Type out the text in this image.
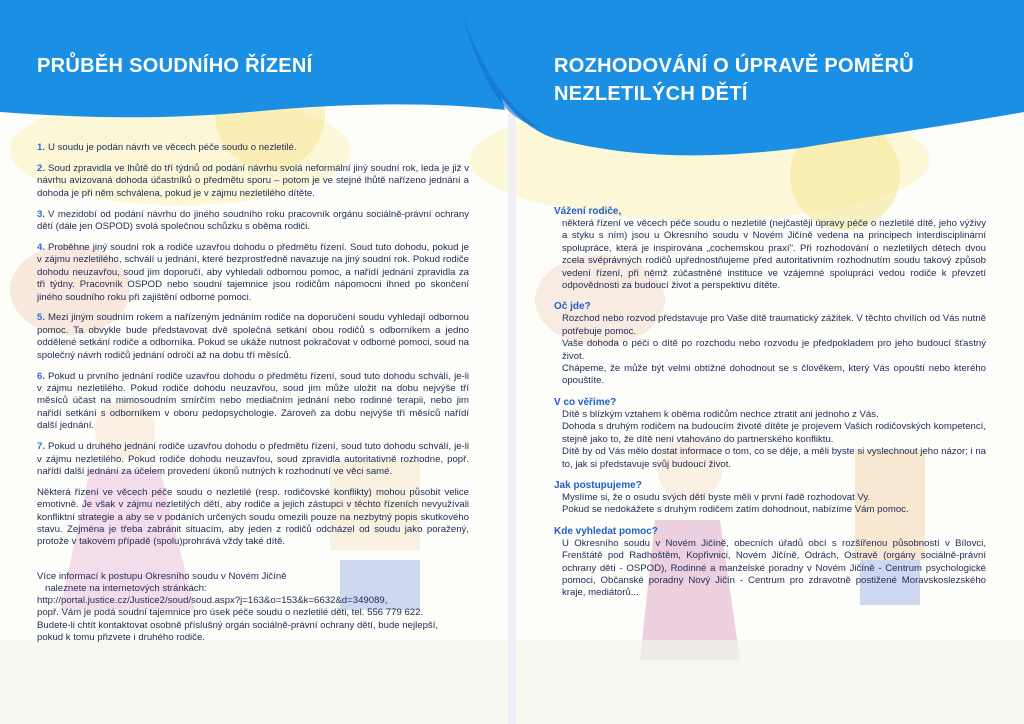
PRŮBĚH SOUDNÍHO ŘÍZENÍ

1. U soudu je podán návrh ve věcech péče soudu o nezletilé.

2. Soud zpravidla ve lhůtě do tří týdnů od podání návrhu svolá neformální jiný soudní rok, leda je již v návrhu avizovaná dohoda účastníků o předmětu sporu – potom je ve stejné lhůtě nařízeno jednání a dohoda je při něm schválena, pokud je v zájmu nezletilého dítěte.

3. V mezidobí od podání návrhu do jiného soudního roku pracovník orgánu sociálně-právní ochrany dětí (dále jen OSPOD) svolá společnou schůzku s oběma rodiči.

4. Proběhne jiný soudní rok a rodiče uzavřou dohodu o předmětu řízení. Soud tuto dohodu, pokud je v zájmu nezletilého, schválí u jednání, které bezprostředně navazuje na jiný soudní rok. Pokud rodiče dohodu neuzavřou, soud jim doporučí, aby vyhledali odbornou pomoc, a nařídí jednání zpravidla za tři týdny. Pracovník OSPOD nebo soudní tajemnice jsou rodičům nápomocni ihned po skončení jiného soudního roku při zajištění odborné pomoci.

5. Mezi jiným soudním rokem a nařízeným jednáním rodiče na doporučení soudu vyhledají odbornou pomoc. Ta obvykle bude představovat dvě společná setkání obou rodičů s odborníkem a jedno oddělené setkání rodiče a odborníka. Pokud se ukáže nutnost pokračovat v odborné pomoci, soud na společný návrh rodičů jednání odročí až na dobu tří měsíců.

6. Pokud u prvního jednání rodiče uzavřou dohodu o předmětu řízení, soud tuto dohodu schválí, je-li v zájmu nezletilého. Pokud rodiče dohodu neuzavřou, soud jim může uložit na dobu nejvýše tří měsíců účast na mimosoudním smírčím nebo mediačním jednání nebo rodinné terapii, nebo jim nařídí setkání s odborníkem v oboru pedopsychologie. Zároveň za dobu nejvýše tří měsíců nařídí další jednání.

7. Pokud u druhého jednání rodiče uzavřou dohodu o předmětu řízení, soud tuto dohodu schválí, je-li v zájmu nezletilého. Pokud rodiče dohodu neuzavřou, soud zpravidla autoritativně rozhodne, popř. nařídí další jednání za účelem provedení úkonů nutných k rozhodnutí ve věci samé.

Některá řízení ve věcech péče soudu o nezletilé (resp. rodičovské konflikty) mohou působit velice emotivně. Je však v zájmu nezletilých dětí, aby rodiče a jejich zástupci v těchto řízeních nevyužívali konfliktní strategie a aby se v podáních určených soudu omezili pouze na nezbytný popis skutkového stavu. Zejména je třeba zabránit situacím, aby jeden z rodičů odcházel od soudu jako poražený, protože v takovém případě (spolu)prohrává vždy také dítě.

Více informací k postupu Okresního soudu v Novém Jičíně
naleznete na internetových stránkách:
http://portal.justice.cz/Justice2/soud/soud.aspx?j=163&o=153&k=6632&d=349089,
popř. Vám je podá soudní tajemnice pro úsek péče soudu o nezletilé děti, tel. 556 779 622.
Budete-li chtít kontaktovat osobně příslušný orgán sociálně-právní ochrany dětí, bude nejlepší,
pokud k tomu přizvete i druhého rodiče.
ROZHODOVÁNÍ O ÚPRAVĚ POMĚRŮ
NEZLETILÝCH DĚTÍ
Vážení rodiče,

některá řízení ve věcech péče soudu o nezletilé (nejčastěji úpravy péče o nezletilé dítě, jeho výživy a styku s ním) jsou u Okresního soudu v Novém Jičíně vedena na principech interdisciplinární spolupráce, která je inspirována „cochemskou praxí". Při rozhodování o nezletilých dětech dvou zcela svéprávných rodičů upřednostňujeme před autoritativním rozhodnutím soudu takový způsob vedení řízení, při němž zúčastněné instituce ve vzájemné spolupráci vedou rodiče k převzetí odpovědnosti za budoucí život a perspektivu dítěte.

Oč jde?

Rozchod nebo rozvod představuje pro Vaše dítě traumatický zážitek. V těchto chvílích od Vás nutně potřebuje pomoc.

Vaše dohoda o péči o dítě po rozchodu nebo rozvodu je předpokladem pro jeho budoucí šťastný život.

Chápeme, že může být velmi obtížné dohodnout se s člověkem, který Vás opouští nebo kterého opouštíte.

V co věříme?

Dítě s blízkým vztahem k oběma rodičům nechce ztratit ani jednoho z Vás.

Dohoda s druhým rodičem na budoucím životě dítěte je projevem Vašich rodičovských kompetencí, stejně jako to, že dítě není vtahováno do partnerského konfliktu.

Dítě by od Vás mělo dostat informace o tom, co se děje, a měli byste si vyslechnout jeho názor; i na to, jak si představuje svůj budoucí život.

Jak postupujeme?

Myslíme si, že o osudu svých dětí byste měli v první řadě rozhodovat Vy.

Pokud se nedokážete s druhým rodičem zatím dohodnout, nabízíme Vám pomoc.

Kde vyhledat pomoc?

U Okresního soudu v Novém Jičíně, obecních úřadů obcí s rozšířenou působností v Bílovci, Frenštátě pod Radhoštěm, Kopřivnici, Novém Jičíně, Odrách, Ostravě (orgány sociálně-právní ochrany dětí - OSPOD), Rodinné a manželské poradny v Novém Jičíně - Centrum psychologické pomoci, Občanské poradny Nový Jičín - Centrum pro zdravotně postižené Moravskoslezského kraje, mediátorů...
